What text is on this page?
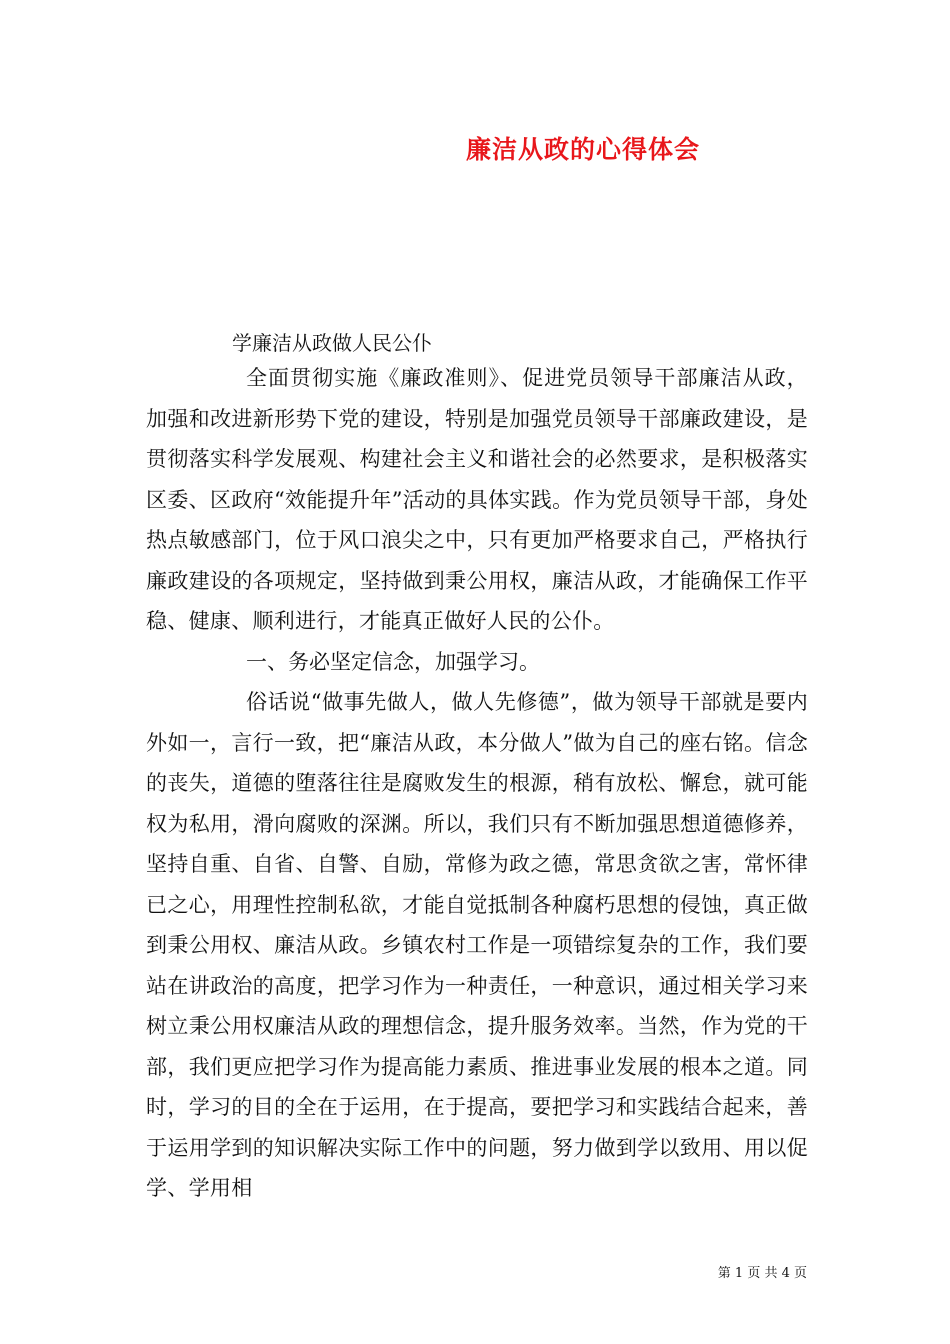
廉洁从政的心得体会

学廉洁从政做人民公仆

全面贯彻实施《廉政准则》、促进党员领导干部廉洁从政，加强和改进新形势下党的建设，特别是加强党员领导干部廉政建设，是贯彻落实科学发展观、构建社会主义和谐社会的必然要求，是积极落实区委、区政府“效能提升年”活动的具体实践。作为党员领导干部，身处热点敏感部门，位于风口浪尖之中，只有更加严格要求自己，严格执行廉政建设的各项规定，坚持做到秉公用权，廉洁从政，才能确保工作平稳、健康、顺利进行，才能真正做好人民的公仆。

一、务必坚定信念，加强学习。

俗话说“做事先做人，做人先修德”，做为领导干部就是要内外如一，言行一致，把“廉洁从政，本分做人”做为自己的座右铭。信念的丧失，道德的堕落往往是腐败发生的根源，稍有放松、懈怠，就可能权为私用，滑向腐败的深渊。所以，我们只有不断加强思想道德修养，坚持自重、自省、自警、自励，常修为政之德，常思贪欲之害，常怀律已之心，用理性控制私欲，才能自觉抵制各种腐朽思想的侵蚀，真正做到秉公用权、廉洁从政。乡镇农村工作是一项错综复杂的工作，我们要站在讲政治的高度，把学习作为一种责任，一种意识，通过相关学习来树立秉公用权廉洁从政的理想信念，提升服务效率。当然，作为党的干部，我们更应把学习作为提高能力素质、推进事业发展的根本之道。同时，学习的目的全在于运用，在于提高，要把学习和实践结合起来，善于运用学到的知识解决实际工作中的问题，努力做到学以致用、用以促学、学用相

第 1 页 共 4 页
